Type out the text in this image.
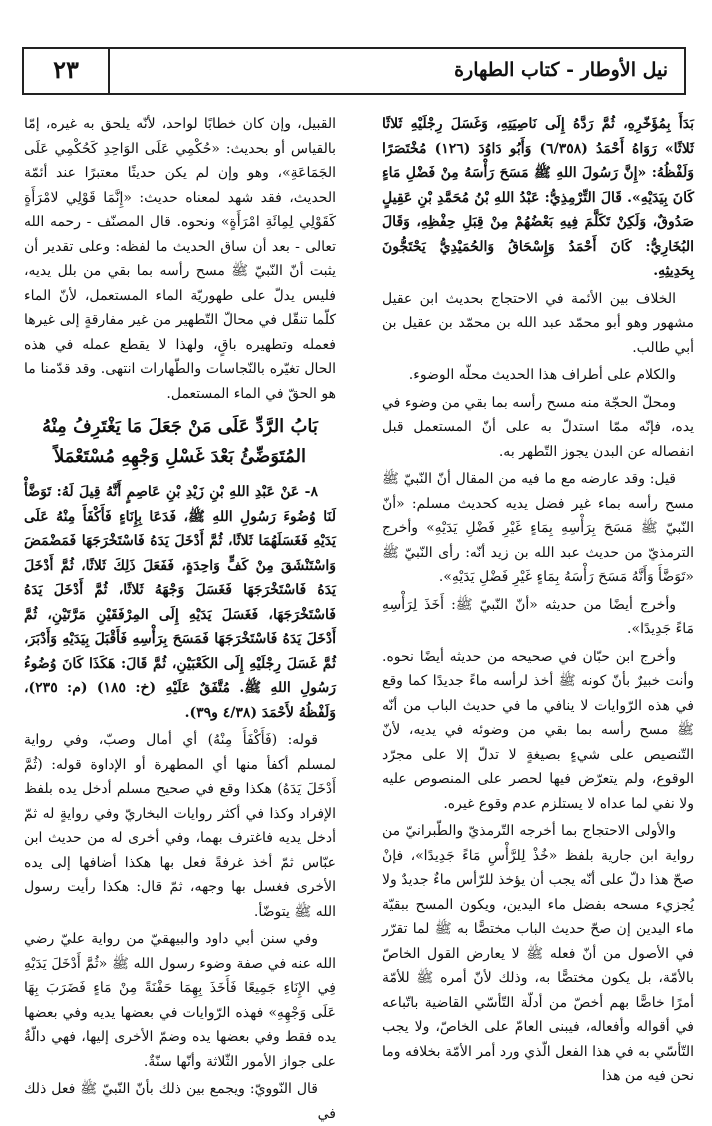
نيل الأوطار - كتاب الطهارة
٢٣

بَدَأَ بِمُؤَخّرِهِ، ثُمَّ رَدَّهُ إِلَى نَاصِيَتِهِ، وَغَسَلَ رِجْلَيْهِ ثَلاثًا ثَلاثًا» رَوَاهُ أَحْمَدُ (٦/٣٥٨) وَأَبُو دَاوُدَ (١٢٦) مُخْتَصَرًا وَلَفْظُهُ: «إِنَّ رَسُولَ اللهِ ﷺ مَسَحَ رَأْسَهُ مِنْ فَضْلِ مَاءٍ كَانَ بِيَدَيْهِ». قَالَ التِّرْمِذِيُّ: عَبْدُ اللهِ بْنُ مُحَمَّدِ بْنِ عَقِيلٍ صَدُوقٌ، وَلَكِنْ تَكَلَّمَ فِيهِ بَعْضُهُمْ مِنْ قِبَلِ حِفْظِهِ، وَقَالَ البُخَارِيُّ: كَانَ أَحْمَدُ وَإِسْحَاقُ وَالحُمَيْدِيُّ يَحْتَجُّونَ بِحَدِيثِهِ.

الخلاف بين الأئمة في الاحتجاج بحديث ابن عقيل مشهور وهو أبو محمّد عبد الله بن محمّد بن عقيل بن أبي طالب.

والكلام على أطراف هذا الحديث محلّه الوضوء.

ومحلّ الحجّة منه مسح رأسه بما بقي من وضوء في يده، فإنّه ممّا استدلّ به على أنّ المستعمل قبل انفصاله عن البدن يجوز التّطهر به.

قيل: وقد عارضه مع ما فيه من المقال أنّ النّبيّ ﷺ مسح رأسه بماء غير فضل يديه كحديث مسلم: «أنّ النّبيّ ﷺ مَسَحَ بِرَأْسِهِ بِمَاءٍ غَيْرِ فَضْلِ يَدَيْهِ» وأخرج الترمذيّ من حديث عبد الله بن زيد أنّه: رأى النّبيّ ﷺ «تَوَضَّأَ وَأَنَّهُ مَسَحَ رَأْسَهُ بِمَاءٍ غَيْرِ فَضْلِ يَدَيْهِ».

وأخرج أيضًا من حديثه «أنّ النّبيّ ﷺ: أَخَذَ لِرَأْسِهِ مَاءً جَدِيدًا».

وأخرج ابن حبّان في صحيحه من حديثه أيضًا نحوه. وأنت خبيرٌ بأنّ كونه ﷺ أخذ لرأسه ماءً جديدًا كما وقع في هذه الرّوايات لا ينافي ما في حديث الباب من أنّه ﷺ مسح رأسه بما بقي من وضوئه في يديه، لأنّ التّنصيص على شيءٍ بصيغةٍ لا تدلّ إلا على مجرّد الوقوع، ولم يتعرّض فيها لحصر على المنصوص عليه ولا نفي لما عداه لا يستلزم عدم وقوع غيره.

والأولى الاحتجاج بما أخرجه التّرمذيّ والطّبرانيّ من رواية ابن جارية بلفظ «خُذْ لِلرَّأْسِ مَاءً جَدِيدًا»، فإنْ صحّ هذا دلّ على أنّه يجب أن يؤخذ للرّأس ماءٌ جديدٌ ولا يُجزيء مسحه بفضل ماء اليدين، ويكون المسح ببقيّة ماء اليدين إن صحّ حديث الباب مختصًّا به ﷺ لما تقرّر في الأصول من أنّ فعله ﷺ لا يعارض القول الخاصّ بالأمّة، بل يكون مختصًّا به، وذلك لأنّ أمره ﷺ للأمّة أمرًا خاصًّا بهم أخصّ من أدلّة التّأسّي القاضية باتّباعه في أقواله وأفعاله، فيبنى العامّ على الخاصّ، ولا يجب التّأسّي به في هذا الفعل الّذي ورد أمر الأمّة بخلافه وما نحن فيه من هذا

القبيل، وإن كان خطابًا لواحد، لأنّه يلحق به غيره، إمّا بالقياس أو بحديث: «حُكْمِي عَلَى الوَاحِدِ كَحُكْمِي عَلَى الجَمَاعَةِ»، وهو وإن لم يكن حديثًا معتبرًا عند أئمّة الحديث، فقد شهد لمعناه حديث: «إِنَّمَا قَوْلِي لامْرَأَةٍ كَقَوْلِي لِمِائَةِ امْرَأَةٍ» ونحوه. قال المصنّف - رحمه الله تعالى - بعد أن ساق الحديث ما لفظه: وعلى تقدير أن يثبت أنّ النّبيّ ﷺ مسح رأسه بما بقي من بلل يديه، فليس يدلّ على طهوريّة الماء المستعمل، لأنّ الماء كلّما تنقّل في محالّ التّطهير من غير مفارقةٍ إلى غيرها فعمله وتطهيره باقٍ، ولهذا لا يقطع عمله في هذه الحال تغيّره بالنّجاسات والطّهارات انتهى. وقد قدّمنا ما هو الحقّ في الماء المستعمل.

بَابُ الرَّدِّ عَلَى مَنْ جَعَلَ مَا يَغْتَرِفُ مِنْهُ المُتَوَضِّئُ بَعْدَ غَسْلِ وَجْهِهِ مُسْتَعْمَلاً

٨- عَنْ عَبْدِ اللهِ بْنِ زَيْدِ بْنِ عَاصِمٍ أَنَّهُ قِيلَ لَهُ: تَوَضَّأْ لَنَا وُضُوءَ رَسُولِ اللهِ ﷺ، فَدَعَا بِإِنَاءٍ فَأَكْفَأَ مِنْهُ عَلَى يَدَيْهِ فَغَسَلَهُمَا ثَلاثًا، ثُمَّ أَدْخَلَ يَدَهُ فَاسْتَخْرَجَهَا فَمَضْمَضَ وَاسْتَنْشَقَ مِنْ كَفٍّ وَاحِدَةٍ، فَفَعَلَ ذَلِكَ ثَلاثًا، ثُمَّ أَدْخَلَ يَدَهُ فَاسْتَخْرَجَهَا فَغَسَلَ وَجْهَهُ ثَلاثًا، ثُمَّ أَدْخَلَ يَدَهُ فَاسْتَخْرَجَهَا، فَغَسَلَ يَدَيْهِ إِلَى المِرْفَقَيْنِ مَرَّتَيْنِ، ثُمَّ أَدْخَلَ يَدَهُ فَاسْتَخْرَجَهَا فَمَسَحَ بِرَأْسِهِ فَأَقْبَلَ بِيَدَيْهِ وَأَدْبَرَ، ثُمَّ غَسَلَ رِجْلَيْهِ إِلَى الكَعْبَيْنِ، ثُمَّ قَالَ: هَكَذَا كَانَ وُضُوءُ رَسُولِ اللهِ ﷺ. مُتَّفَقٌ عَلَيْهِ (خ: ١٨٥) (م: ٢٣٥)، وَلَفْظُهُ لأَحْمَدَ (٤/٣٨ و٣٩).

قوله: (فَأَكْفَأَ مِنْهُ) أي أمال وصبّ، وفي رواية لمسلم أكفأ منها أي المطهرة أو الإداوة قوله: (ثُمَّ أَدْخَلَ يَدَهُ) هكذا وقع في صحيح مسلم أدخل يده بلفظ الإفراد وكذا في أكثر روايات البخاريّ وفي روايةٍ له ثمّ أدخل يديه فاغترف بهما، وفي أخرى له من حديث ابن عبّاس ثمّ أخذ غرفةً فعل بها هكذا أضافها إلى يده الأخرى فغسل بها وجهه، ثمّ قال: هكذا رأيت رسول الله ﷺ يتوضّأ.

وفي سنن أبي داود والبيهقيّ من رواية عليّ رضي الله عنه في صفة وضوء رسول الله ﷺ «ثُمَّ أَدْخَلَ يَدَيْهِ فِي الإِنَاءِ جَمِيعًا فَأَخَذَ بِهِمَا حَفْنَةً مِنْ مَاءٍ فَضَرَبَ بِهَا عَلَى وَجْهِهِ» فهذه الرّوايات في بعضها يديه وفي بعضها يده فقط وفي بعضها يده وضمّ الأخرى إليها، فهي دالّةٌ على جواز الأمور الثّلاثة وأنّها سنّةٌ.

قال النّوويّ: ويجمع بين ذلك بأنّ النّبيّ ﷺ فعل ذلك في
